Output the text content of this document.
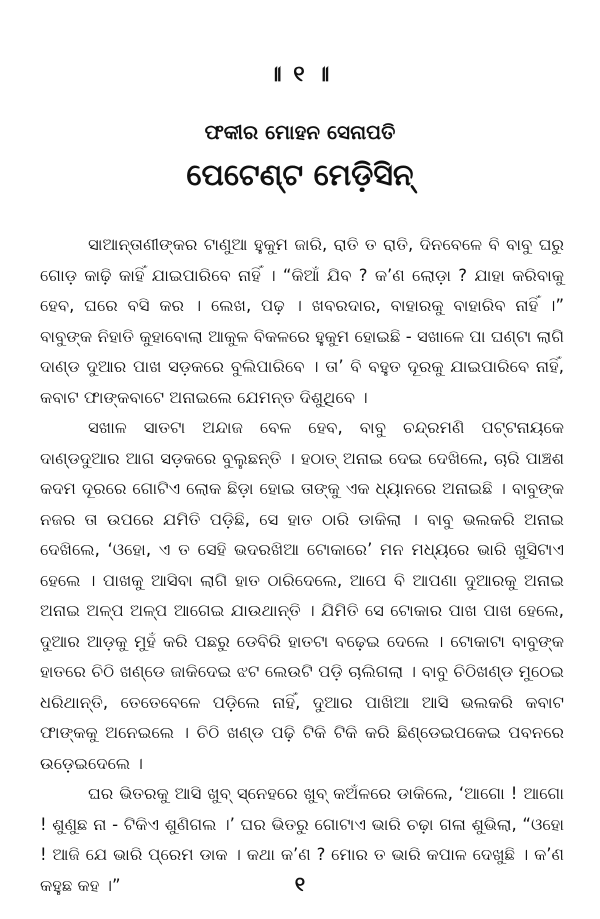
॥ ୧ ॥
ଫକୀର ମୋହନ ସେନାପତି
ପେଟେଣ୍ଟ ମେଡ଼ିସିନ୍

ସାଆନ୍ତାଣୀଙ୍କର ଟାଣୁଆ ହୁକୁମ ଜାରି, ରାତି ତ ରାତି, ଦିନବେଳେ ବି ବାବୁ ଘରୁ ଗୋଡ଼ କାଢ଼ି କାହିଁ ଯାଇପାରିବେ ନାହିଁ । “କିଆଁ ଯିବ ? କ’ଣ ଲୋଡ଼ା ? ଯାହା କରିବାକୁ ହେବ, ଘରେ ବସି କର । ଲେଖ, ପଢ଼ । ଖବରଦାର, ବାହାରକୁ ବାହାରିବ ନାହିଁ ।” ବାବୁଙ୍କ ନିହାତି କୁହାବୋଲା ଆକୁଳ ବିକଳରେ ହୁକୁମ ହୋଇଛି - ସଖାଳେ ପା ଘଣ୍ଟା ଲାଗି ଦାଣ୍ଡ ଦୁଆର ପାଖ ସଡ଼କରେ ବୁଲିପାରିବେ । ତା’ ବି ବହୁତ ଦୂରକୁ ଯାଇପାରିବେ ନାହିଁ, କବାଟ ଫାଙ୍କବାଟେ ଅନାଇଲେ ଯେମନ୍ତ ଦିଶୁଥିବେ ।

ସଖାଳ ସାତଟା ଅନ୍ଦାଜ ବେଳ ହେବ, ବାବୁ ଚନ୍ଦ୍ରମଣି ପଟ୍ଟନାୟକେ ଦାଣ୍ଡଦୁଆର ଆଗ ସଡ଼କରେ ବୁଲୁଛନ୍ତି । ହଠାତ୍ ଅନାଇ ଦେଇ ଦେଖିଲେ, ଚାରି ପାଞ୍ଚଶ କଦମ ଦୂରରେ ଗୋଟିଏ ଲୋକ ଛିଡ଼ା ହୋଇ ତାଙ୍କୁ ଏକ ଧ୍ୟାନରେ ଅନାଇଛି । ବାବୁଙ୍କ ନଜର ତା ଉପରେ ଯମିତି ପଡ଼ିଛି, ସେ ହାତ ଠାରି ଡାକିଲା । ବାବୁ ଭଲକରି ଅନାଇ ଦେଖିଲେ, ‘ଓହୋ, ଏ ତ ସେହି ଭଦରଖିଆ ଟୋକାରେ’ ମନ ମଧ୍ୟରେ ଭାରି ଖୁସିଟାଏ ହେଲେ । ପାଖକୁ ଆସିବା ଲାଗି ହାତ ଠାରିଦେଲେ, ଆପେ ବି ଆପଣା ଦୁଆରକୁ ଅନାଇ ଅନାଇ ଅଳ୍ପ ଅଳ୍ପ ଆଗେଇ ଯାଉଥାନ୍ତି । ଯିମିତି ସେ ଟୋକାର ପାଖ ପାଖ ହେଲେ, ଦୁଆର ଆଡ଼କୁ ମୁହଁ କରି ପଛରୁ ଡେବିରି ହାତଟା ବଢ଼େଇ ଦେଲେ । ଟୋକାଟା ବାବୁଙ୍କ ହାତରେ ଚିଠି ଖଣ୍ଡେ ଜାକିଦେଇ ଝଟ ଲେଉଟି ପଡ଼ି ଚାଲିଗଲା । ବାବୁ ଚିଠିଖଣ୍ଡ ମୁଠେଇ ଧରିଥାନ୍ତି, ତେତେବେଳେ ପଡ଼ିଲେ ନାହିଁ, ଦୁଆର ପାଖିଆ ଆସି ଭଲକରି କବାଟ ଫାଙ୍କକୁ ଅନେଇଲେ । ଚିଠି ଖଣ୍ଡ ପଢ଼ି ଟିକି ଟିକି କରି ଛିଣ୍ଡେଇପକେଇ ପବନରେ ଉଡ଼େଇଦେଲେ ।

ଘର ଭିତରକୁ ଆସି ଖୁବ୍ ସ୍ନେହରେ ଖୁବ୍ କଅଁଳରେ ଡାକିଲେ, ‘ଆଗୋ ! ଆଗୋ ! ଶୁଣୁଛ ନା - ଟିକିଏ ଶୁଣିଗଲ ।’ ଘର ଭିତରୁ ଗୋଟାଏ ଭାରି ଚଢ଼ା ଗଳା ଶୁଭିଲା, “ଓହୋ ! ଆଜି ଯେ ଭାରି ପ୍ରେମ ଡାକ । କଥା କ’ଣ ? ମୋର ତ ଭାରି କପାଳ ଦେଖୁଛି । କ’ଣ କହୁଛ କହ ।”	୧
